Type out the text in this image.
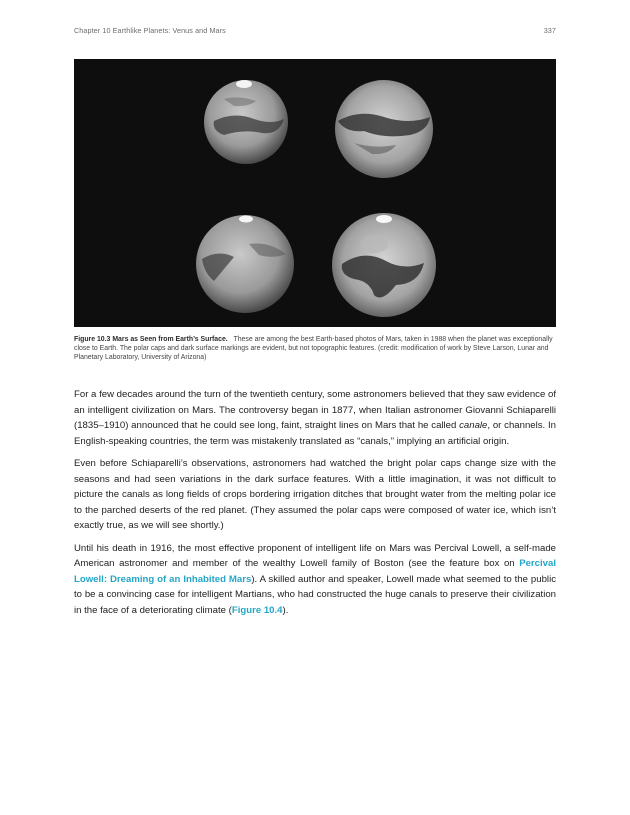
Chapter 10 Earthlike Planets: Venus and Mars	337
Figure 10.3 Mars as Seen from Earth’s Surface. These are among the best Earth-based photos of Mars, taken in 1988 when the planet was exceptionally close to Earth. The polar caps and dark surface markings are evident, but not topographic features. (credit: modification of work by Steve Larson, Lunar and Planetary Laboratory, University of Arizona)

For a few decades around the turn of the twentieth century, some astronomers believed that they saw evidence of an intelligent civilization on Mars. The controversy began in 1877, when Italian astronomer Giovanni Schiaparelli (1835–1910) announced that he could see long, faint, straight lines on Mars that he called canale, or channels. In English-speaking countries, the term was mistakenly translated as “canals,” implying an artificial origin.

Even before Schiaparelli’s observations, astronomers had watched the bright polar caps change size with the seasons and had seen variations in the dark surface features. With a little imagination, it was not difficult to picture the canals as long fields of crops bordering irrigation ditches that brought water from the melting polar ice to the parched deserts of the red planet. (They assumed the polar caps were composed of water ice, which isn’t exactly true, as we will see shortly.)

Until his death in 1916, the most effective proponent of intelligent life on Mars was Percival Lowell, a self-made American astronomer and member of the wealthy Lowell family of Boston (see the feature box on Percival Lowell: Dreaming of an Inhabited Mars). A skilled author and speaker, Lowell made what seemed to the public to be a convincing case for intelligent Martians, who had constructed the huge canals to preserve their civilization in the face of a deteriorating climate (Figure 10.4).
